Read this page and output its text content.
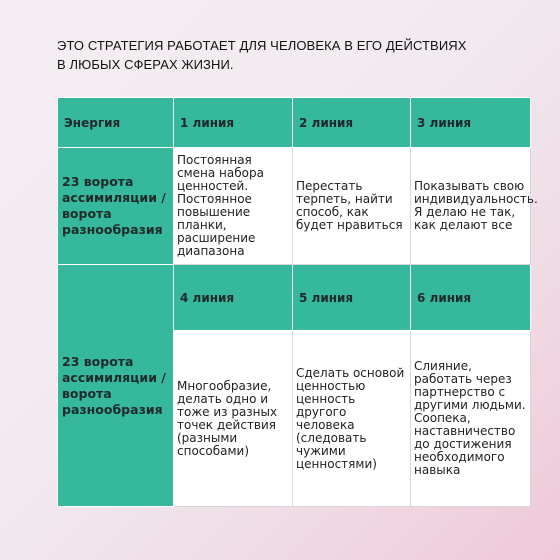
ЭТО СТРАТЕГИЯ РАБОТАЕТ ДЛЯ ЧЕЛОВЕКА В ЕГО ДЕЙСТВИЯХ
В ЛЮБЫХ СФЕРАХ ЖИЗНИ.
Энергия	1 линия	2 линия	3 линия
23 ворота ассимиляции / ворота разнообразия	Постоянная смена набора ценностей. Постоянное повышение планки, расширение диапазона	Перестать терпеть, найти способ, как будет нравиться	Показывать свою индивидуальность. Я делаю не так, как делают все
23 ворота ассимиляции /ворота разнообразия	4 линия	5 линия	6 линия
	Многообразие, делать одно и тоже из разных точек действия (разными способами)	Сделать основой ценностью ценность другого человека (следовать чужими ценностями)	Слияние, работать через партнерство с другими людьми. Соопека, наставничество до достижения необходимого навыка
